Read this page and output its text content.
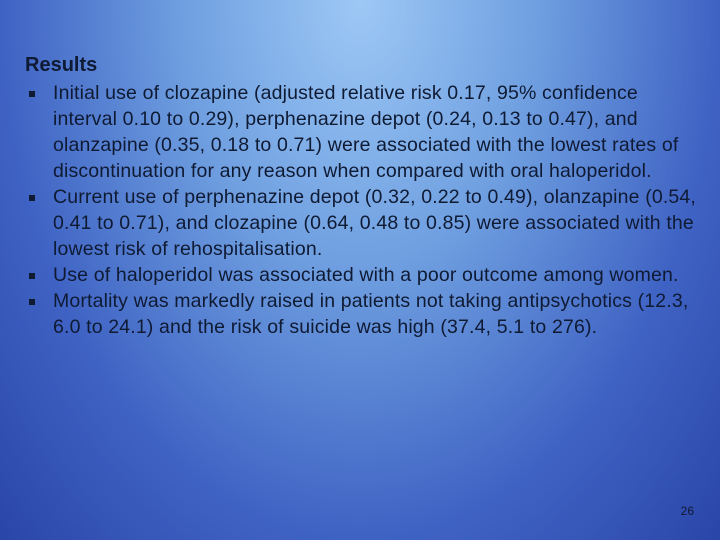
Results
Initial use of clozapine (adjusted relative risk 0.17, 95% confidence interval 0.10 to 0.29), perphenazine depot (0.24, 0.13 to 0.47), and olanzapine (0.35, 0.18 to 0.71) were associated with the lowest rates of discontinuation for any reason when compared with oral haloperidol.
Current use of perphenazine depot (0.32, 0.22 to 0.49), olanzapine (0.54, 0.41 to 0.71), and clozapine (0.64, 0.48 to 0.85) were associated with the lowest risk of rehospitalisation.
Use of haloperidol was associated with a poor outcome among women.
Mortality was markedly raised in patients not taking antipsychotics (12.3, 6.0 to 24.1) and the risk of suicide was high (37.4, 5.1 to 276).
26
